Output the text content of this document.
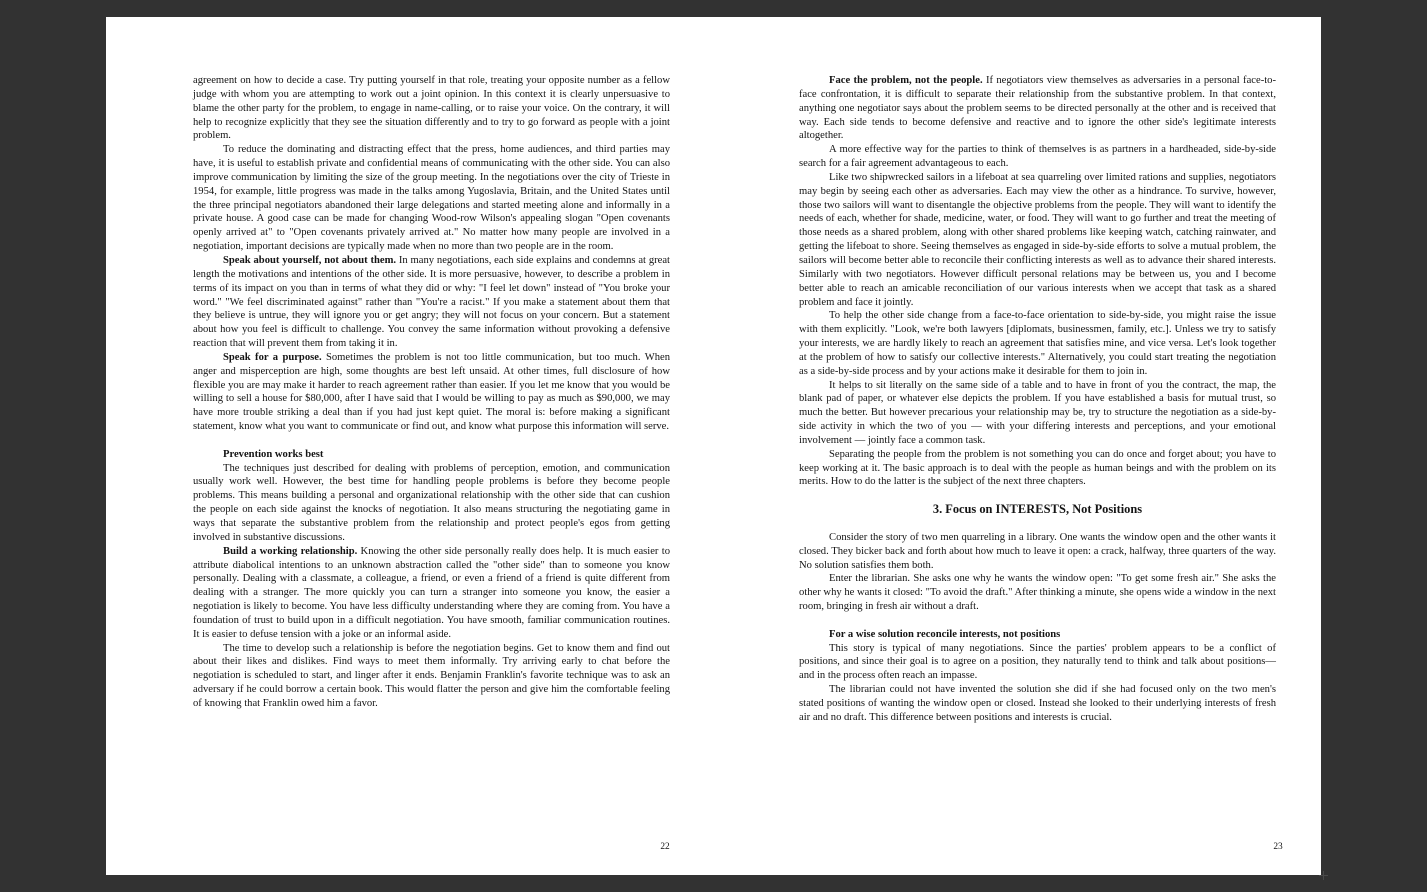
agreement on how to decide a case. Try putting yourself in that role, treating your opposite number as a fellow judge with whom you are attempting to work out a joint opinion. In this context it is clearly unpersuasive to blame the other party for the problem, to engage in name-calling, or to raise your voice. On the contrary, it will help to recognize explicitly that they see the situation differently and to try to go forward as people with a joint problem.

To reduce the dominating and distracting effect that the press, home audiences, and third parties may have, it is useful to establish private and confidential means of communicating with the other side. You can also improve communication by limiting the size of the group meeting. In the negotiations over the city of Trieste in 1954, for example, little progress was made in the talks among Yugoslavia, Britain, and the United States until the three principal negotiators abandoned their large delegations and started meeting alone and informally in a private house. A good case can be made for changing Wood-row Wilson's appealing slogan "Open covenants openly arrived at" to "Open covenants privately arrived at." No matter how many people are involved in a negotiation, important decisions are typically made when no more than two people are in the room.

Speak about yourself, not about them. In many negotiations, each side explains and condemns at great length the motivations and intentions of the other side. It is more persuasive, however, to describe a problem in terms of its impact on you than in terms of what they did or why: "I feel let down" instead of "You broke your word." "We feel discriminated against" rather than "You're a racist." If you make a statement about them that they believe is untrue, they will ignore you or get angry; they will not focus on your concern. But a statement about how you feel is difficult to challenge. You convey the same information without provoking a defensive reaction that will prevent them from taking it in.

Speak for a purpose. Sometimes the problem is not too little communication, but too much. When anger and misperception are high, some thoughts are best left unsaid. At other times, full disclosure of how flexible you are may make it harder to reach agreement rather than easier. If you let me know that you would be willing to sell a house for $80,000, after I have said that I would be willing to pay as much as $90,000, we may have more trouble striking a deal than if you had just kept quiet. The moral is: before making a significant statement, know what you want to communicate or find out, and know what purpose this information will serve.

Prevention works best

The techniques just described for dealing with problems of perception, emotion, and communication usually work well. However, the best time for handling people problems is before they become people problems. This means building a personal and organizational relationship with the other side that can cushion the people on each side against the knocks of negotiation. It also means structuring the negotiating game in ways that separate the substantive problem from the relationship and protect people's egos from getting involved in substantive discussions.

Build a working relationship. Knowing the other side personally really does help. It is much easier to attribute diabolical intentions to an unknown abstraction called the "other side" than to someone you know personally. Dealing with a classmate, a colleague, a friend, or even a friend of a friend is quite different from dealing with a stranger. The more quickly you can turn a stranger into someone you know, the easier a negotiation is likely to become. You have less difficulty understanding where they are coming from. You have a foundation of trust to build upon in a difficult negotiation. You have smooth, familiar communication routines. It is easier to defuse tension with a joke or an informal aside.

The time to develop such a relationship is before the negotiation begins. Get to know them and find out about their likes and dislikes. Find ways to meet them informally. Try arriving early to chat before the negotiation is scheduled to start, and linger after it ends. Benjamin Franklin's favorite technique was to ask an adversary if he could borrow a certain book. This would flatter the person and give him the comfortable feeling of knowing that Franklin owed him a favor.

22

Face the problem, not the people. If negotiators view themselves as adversaries in a personal face-to-face confrontation, it is difficult to separate their relationship from the substantive problem. In that context, anything one negotiator says about the problem seems to be directed personally at the other and is received that way. Each side tends to become defensive and reactive and to ignore the other side's legitimate interests altogether.

A more effective way for the parties to think of themselves is as partners in a hardheaded, side-by-side search for a fair agreement advantageous to each.

Like two shipwrecked sailors in a lifeboat at sea quarreling over limited rations and supplies, negotiators may begin by seeing each other as adversaries. Each may view the other as a hindrance. To survive, however, those two sailors will want to disentangle the objective problems from the people. They will want to identify the needs of each, whether for shade, medicine, water, or food. They will want to go further and treat the meeting of those needs as a shared problem, along with other shared problems like keeping watch, catching rainwater, and getting the lifeboat to shore. Seeing themselves as engaged in side-by-side efforts to solve a mutual problem, the sailors will become better able to reconcile their conflicting interests as well as to advance their shared interests. Similarly with two negotiators. However difficult personal relations may be between us, you and I become better able to reach an amicable reconciliation of our various interests when we accept that task as a shared problem and face it jointly.

To help the other side change from a face-to-face orientation to side-by-side, you might raise the issue with them explicitly. "Look, we're both lawyers [diplomats, businessmen, family, etc.]. Unless we try to satisfy your interests, we are hardly likely to reach an agreement that satisfies mine, and vice versa. Let's look together at the problem of how to satisfy our collective interests." Alternatively, you could start treating the negotiation as a side-by-side process and by your actions make it desirable for them to join in.

It helps to sit literally on the same side of a table and to have in front of you the contract, the map, the blank pad of paper, or whatever else depicts the problem. If you have established a basis for mutual trust, so much the better. But however precarious your relationship may be, try to structure the negotiation as a side-by-side activity in which the two of you — with your differing interests and perceptions, and your emotional involvement — jointly face a common task.

Separating the people from the problem is not something you can do once and forget about; you have to keep working at it. The basic approach is to deal with the people as human beings and with the problem on its merits. How to do the latter is the subject of the next three chapters.

3. Focus on INTERESTS, Not Positions

Consider the story of two men quarreling in a library. One wants the window open and the other wants it closed. They bicker back and forth about how much to leave it open: a crack, halfway, three quarters of the way. No solution satisfies them both.

Enter the librarian. She asks one why he wants the window open: "To get some fresh air." She asks the other why he wants it closed: "To avoid the draft." After thinking a minute, she opens wide a window in the next room, bringing in fresh air without a draft.

For a wise solution reconcile interests, not positions

This story is typical of many negotiations. Since the parties' problem appears to be a conflict of positions, and since their goal is to agree on a position, they naturally tend to think and talk about positions—and in the process often reach an impasse.

The librarian could not have invented the solution she did if she had focused only on the two men's stated positions of wanting the window open or closed. Instead she looked to their underlying interests of fresh air and no draft. This difference between positions and interests is crucial.

23
